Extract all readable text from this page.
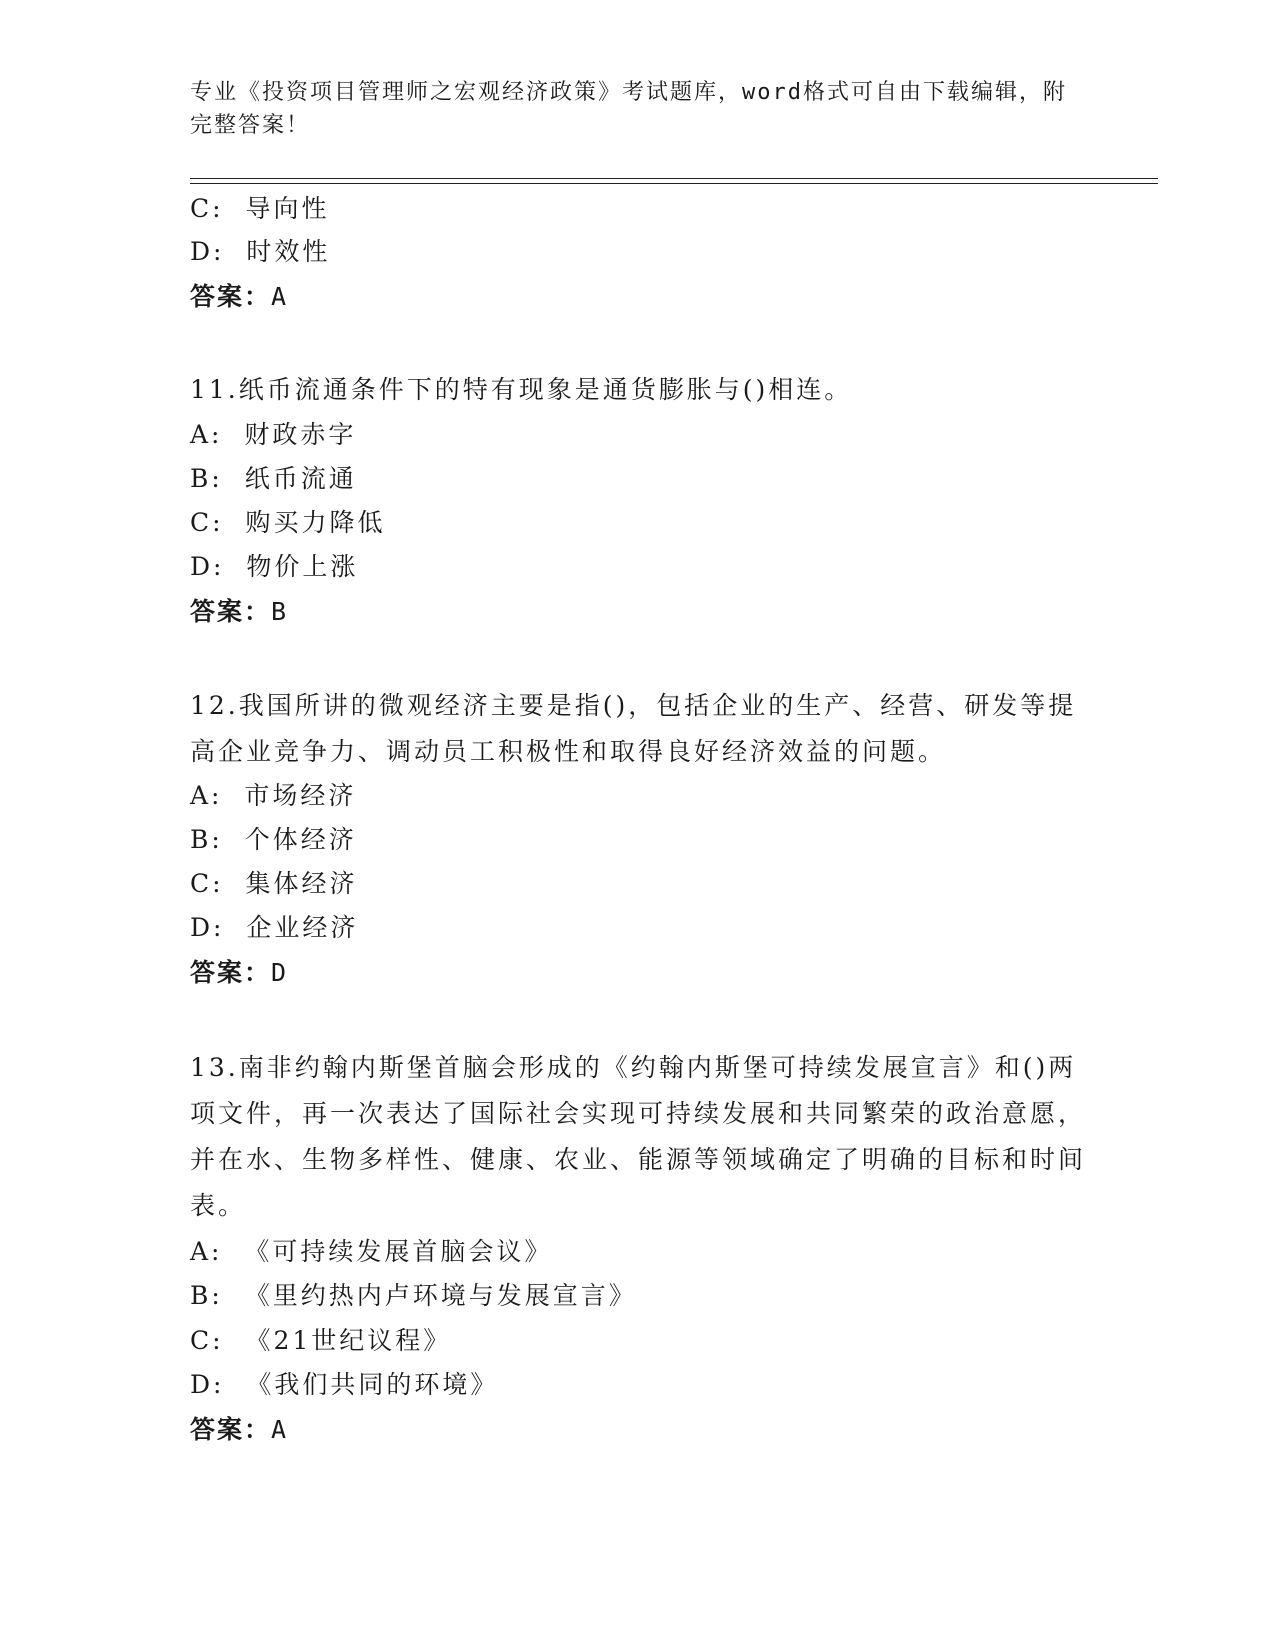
专业《投资项目管理师之宏观经济政策》考试题库，word格式可自由下载编辑，附完整答案！
C: 导向性
D: 时效性
答案：A
11.纸币流通条件下的特有现象是通货膨胀与()相连。
A: 财政赤字
B: 纸币流通
C: 购买力降低
D: 物价上涨
答案：B
12.我国所讲的微观经济主要是指()，包括企业的生产、经营、研发等提高企业竞争力、调动员工积极性和取得良好经济效益的问题。
A: 市场经济
B: 个体经济
C: 集体经济
D: 企业经济
答案：D
13.南非约翰内斯堡首脑会形成的《约翰内斯堡可持续发展宣言》和()两项文件，再一次表达了国际社会实现可持续发展和共同繁荣的政治意愿，并在水、生物多样性、健康、农业、能源等领域确定了明确的目标和时间表。
A: 《可持续发展首脑会议》
B: 《里约热内卢环境与发展宣言》
C: 《21世纪议程》
D: 《我们共同的环境》
答案：A
